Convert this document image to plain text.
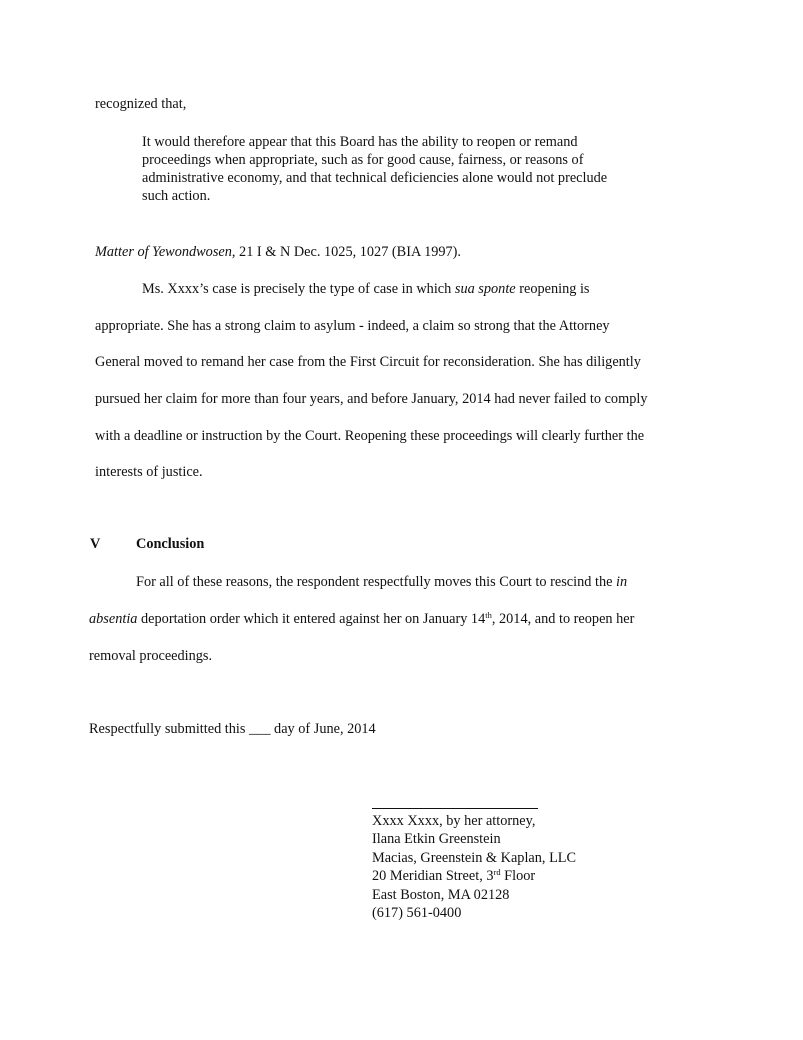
recognized that,
It would therefore appear that this Board has the ability to reopen or remand
proceedings when appropriate, such as for good cause, fairness, or reasons of
administrative economy, and that technical deficiencies alone would not preclude
such action.
Matter of Yewondwosen, 21 I & N Dec. 1025, 1027 (BIA 1997).
Ms. Xxxx’s case is precisely the type of case in which sua sponte reopening is
appropriate. She has a strong claim to asylum - indeed, a claim so strong that the Attorney
General moved to remand her case from the First Circuit for reconsideration. She has diligently
pursued her claim for more than four years, and before January, 2014 had never failed to comply
with a deadline or instruction by the Court. Reopening these proceedings will clearly further the
interests of justice.
V Conclusion
For all of these reasons, the respondent respectfully moves this Court to rescind the in
absentia deportation order which it entered against her on January 14th, 2014, and to reopen her
removal proceedings.
Respectfully submitted this ___ day of June, 2014
Xxxx Xxxx, by her attorney,
Ilana Etkin Greenstein
Macias, Greenstein & Kaplan, LLC
20 Meridian Street, 3rd Floor
East Boston, MA 02128
(617) 561-0400
